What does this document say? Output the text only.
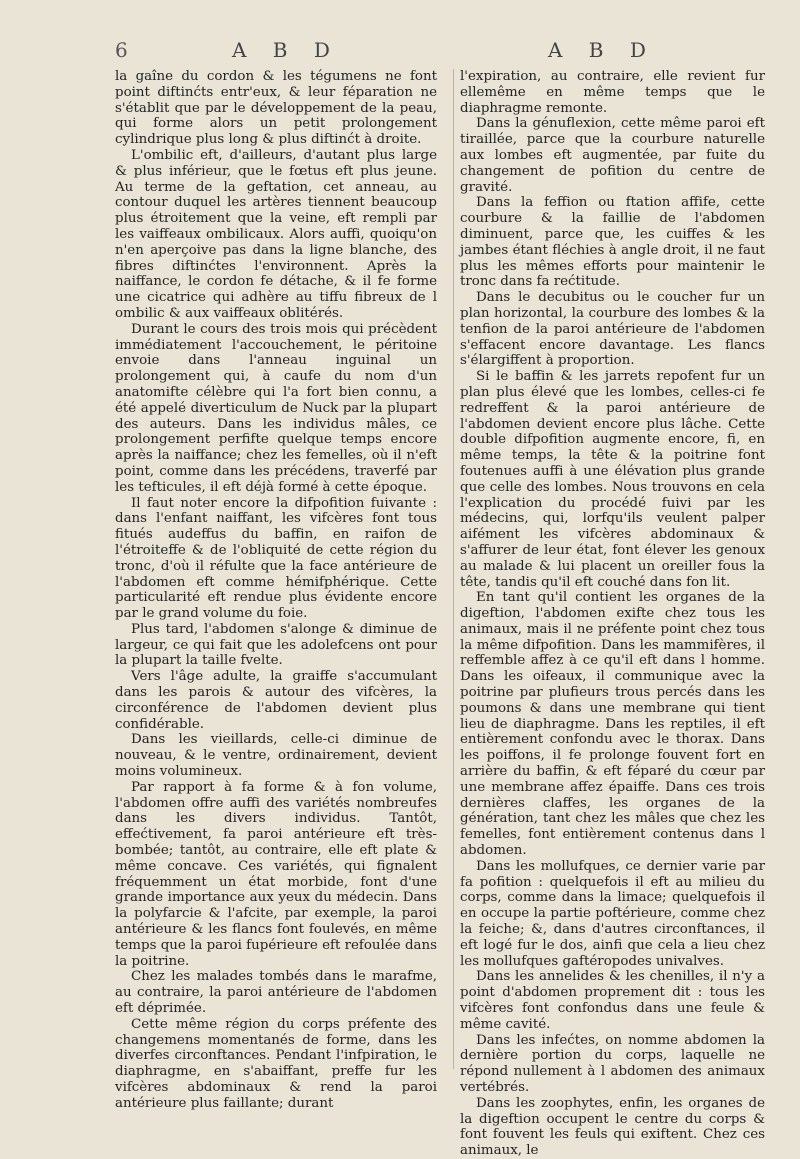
6	A B D	A B D

la gaîne du cordon & les tégumens ne font point diftinćts entr'eux, & leur féparation ne s'établit que par le développement de la peau, qui forme alors un petit prolongement cylindrique plus long & plus diftinćt à droite.

L'ombilic eft, d'ailleurs, d'autant plus large & plus inférieur, que le fœtus eft plus jeune. Au terme de la geftation, cet anneau, au contour duquel les artères tiennent beaucoup plus étroitement que la veine, eft rempli par les vaiffeaux ombilicaux. Alors auffi, quoiqu'on n'en aperçoive pas dans la ligne blanche, des fibres diftinćtes l'environnent. Après la naiffance, le cordon fe détache, & il fe forme une cicatrice qui adhère au tiffu fibreux de l ombilic & aux vaiffeaux oblitérés.

Durant le cours des trois mois qui précèdent immédiatement l'accouchement, le péritoine envoie dans l'anneau inguinal un prolongement qui, à caufe du nom d'un anatomifte célèbre qui l'a fort bien connu, a été appelé diverticulum de Nuck par la plupart des auteurs. Dans les individus mâles, ce prolongement perfifte quelque temps encore après la naiffance; chez les femelles, où il n'eft point, comme dans les précédens, traverfé par les tefticules, il eft déjà formé à cette époque.

Il faut noter encore la difpofition fuivante : dans l'enfant naiffant, les vifcères font tous fitués audeffus du baffin, en raifon de l'étroiteffe & de l'obliquité de cette région du tronc, d'où il réfulte que la face antérieure de l'abdomen eft comme hémifphérique. Cette particularité eft rendue plus évidente encore par le grand volume du foie.

Plus tard, l'abdomen s'alonge & diminue de largeur, ce qui fait que les adolefcens ont pour la plupart la taille fvelte.

Vers l'âge adulte, la graiffe s'accumulant dans les parois & autour des vifcères, la circonférence de l'abdomen devient plus confidérable.

Dans les vieillards, celle-ci diminue de nouveau, & le ventre, ordinairement, devient moins volumineux.

Par rapport à fa forme & à fon volume, l'abdomen offre auffi des variétés nombreufes dans les divers individus. Tantôt, effećtivement, fa paroi antérieure eft très-bombée; tantôt, au contraire, elle eft plate & même concave. Ces variétés, qui fignalent fréquemment un état morbide, font d'une grande importance aux yeux du médecin. Dans la polyfarcie & l'afcite, par exemple, la paroi antérieure & les flancs font foulevés, en même temps que la paroi fupérieure eft refoulée dans la poitrine.

Chez les malades tombés dans le marafme, au contraire, la paroi antérieure de l'abdomen eft déprimée.

Cette même région du corps préfente des changemens momentanés de forme, dans les diverfes circonftances. Pendant l'infpiration, le diaphragme, en s'abaiffant, preffe fur les vifcères abdominaux & rend la paroi antérieure plus faillante; durant

l'expiration, au contraire, elle revient fur ellemême en même temps que le diaphragme remonte.

Dans la génuflexion, cette même paroi eft tiraillée, parce que la courbure naturelle aux lombes eft augmentée, par fuite du changement de pofition du centre de gravité.

Dans la feffion ou ftation affife, cette courbure & la faillie de l'abdomen diminuent, parce que, les cuiffes & les jambes étant fléchies à angle droit, il ne faut plus les mêmes efforts pour maintenir le tronc dans fa rećtitude.

Dans le decubitus ou le coucher fur un plan horizontal, la courbure des lombes & la tenfion de la paroi antérieure de l'abdomen s'effacent encore davantage. Les flancs s'élargiffent à proportion.

Si le baffin & les jarrets repofent fur un plan plus élevé que les lombes, celles-ci fe redreffent & la paroi antérieure de l'abdomen devient encore plus lâche. Cette double difpofition augmente encore, fi, en même temps, la tête & la poitrine font foutenues auffi à une élévation plus grande que celle des lombes. Nous trouvons en cela l'explication du procédé fuivi par les médecins, qui, lorfqu'ils veulent palper aifément les vifcères abdominaux & s'affurer de leur état, font élever les genoux au malade & lui placent un oreiller fous la tête, tandis qu'il eft couché dans fon lit.

En tant qu'il contient les organes de la digeftion, l'abdomen exifte chez tous les animaux, mais il ne préfente point chez tous la même difpofition. Dans les mammifères, il reffemble affez à ce qu'il eft dans l homme. Dans les oifeaux, il communique avec la poitrine par plufieurs trous percés dans les poumons & dans une membrane qui tient lieu de diaphragme. Dans les reptiles, il eft entièrement confondu avec le thorax. Dans les poiffons, il fe prolonge fouvent fort en arrière du baffin, & eft féparé du cœur par une membrane affez épaiffe. Dans ces trois dernières claffes, les organes de la génération, tant chez les mâles que chez les femelles, font entièrement contenus dans l abdomen.

Dans les mollufques, ce dernier varie par fa pofition : quelquefois il eft au milieu du corps, comme dans la limace; quelquefois il en occupe la partie poftérieure, comme chez la feiche; &, dans d'autres circonftances, il eft logé fur le dos, ainfi que cela a lieu chez les mollufques gaftéropodes univalves.

Dans les annelides & les chenilles, il n'y a point d'abdomen proprement dit : tous les vifcères font confondus dans une feule & même cavité.

Dans les infećtes, on nomme abdomen la dernière portion du corps, laquelle ne répond nullement à l abdomen des animaux vertébrés.

Dans les zoophytes, enfin, les organes de la digeftion occupent le centre du corps & font fouvent les feuls qui exiftent. Chez ces animaux, le
